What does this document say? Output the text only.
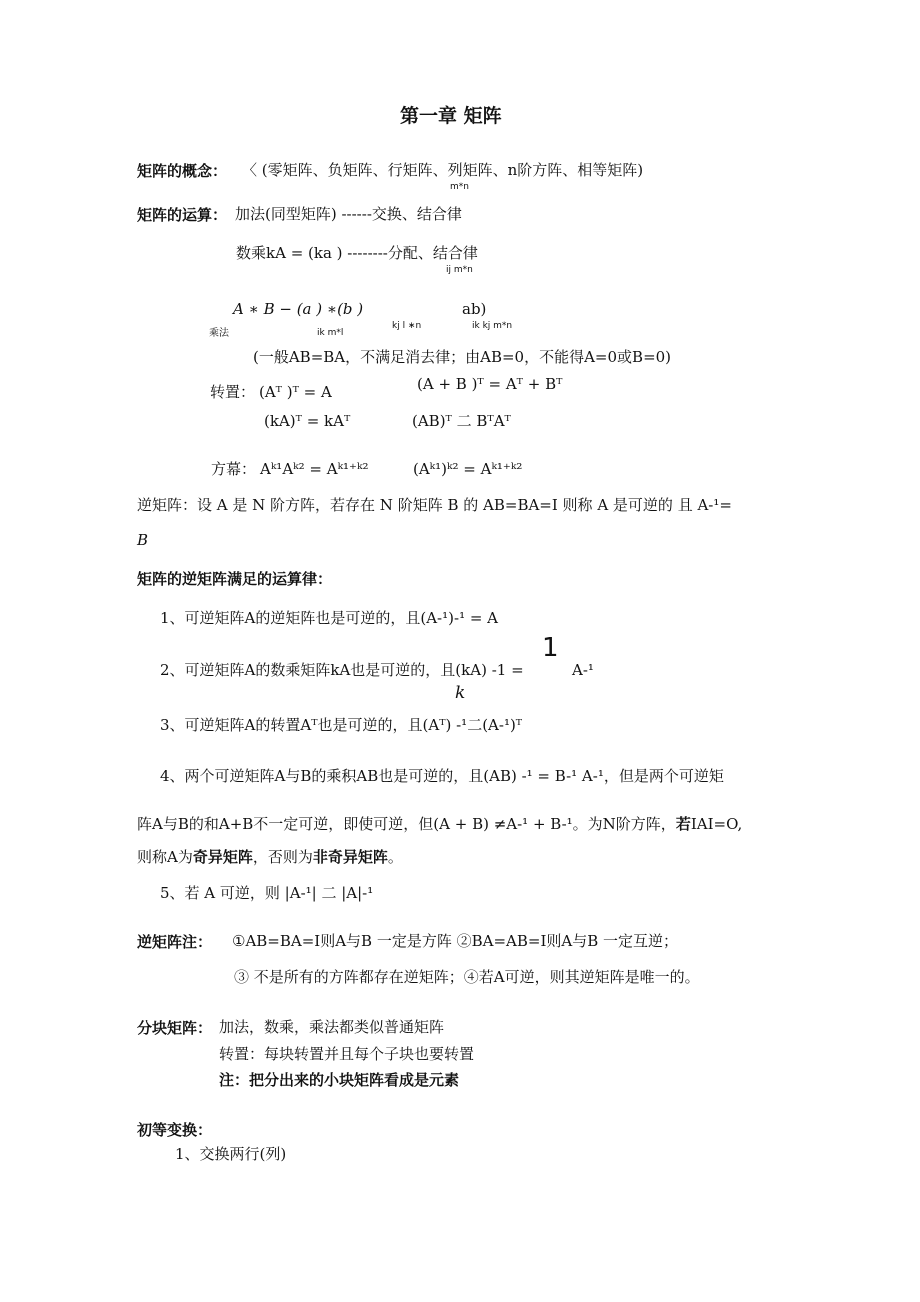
第一章 矩阵
矩阵的概念： 〈 (零矩阵、负矩阵、行矩阵、列矩阵、n阶方阵、相等矩阵)
m*n
矩阵的运算： 加法(同型矩阵) ------交换、结合律
数乘kA = (ka ) --------分配、结合律
ij m*n
A ∗ B − (a ) ∗(b )	ab)
乘法	ik m*l
kj l ∗n	ik kj m*n
(一般AB=BA，不满足消去律；由AB=0，不能得A=0或B=0)
转置： (Aᵀ )ᵀ = A	(A + B )ᵀ = Aᵀ + Bᵀ
(kA)ᵀ = kAᵀ	(AB)ᵀ 二 BᵀAᵀ
方幕： Aᵏ¹Aᵏ² = Aᵏ¹⁺ᵏ²	(Aᵏ¹)ᵏ² = Aᵏ¹⁺ᵏ²
逆矩阵：设 A 是 N 阶方阵，若存在 N 阶矩阵 B 的 AB=BA=I 则称 A 是可逆的 且 A-¹=
B
矩阵的逆矩阵满足的运算律：
1、可逆矩阵A的逆矩阵也是可逆的，且(A-¹)-¹ = A
2、可逆矩阵A的数乘矩阵kA也是可逆的，且(kA) -1 =
1
A-¹
k
3、可逆矩阵A的转置Aᵀ也是可逆的，且(Aᵀ) -¹二(A-¹)ᵀ
4、两个可逆矩阵A与B的乘积AB也是可逆的，且(AB) -¹ = B-¹ A-¹，但是两个可逆矩
阵A与B的和A+B不一定可逆，即使可逆，但(A + B) ≠A-¹ + B-¹。为N阶方阵，若IAI=O,
则称A为奇异矩阵，否则为非奇异矩阵。
5、若 A 可逆，则 |A-¹| 二 |A|-¹
逆矩阵注： ①AB=BA=I则A与B 一定是方阵 ②BA=AB=I则A与B 一定互逆；
③ 不是所有的方阵都存在逆矩阵；④若A可逆，则其逆矩阵是唯一的。
分块矩阵： 加法，数乘，乘法都类似普通矩阵
转置：每块转置并且每个子块也要转置
注：把分出来的小块矩阵看成是元素
初等变换：
1、交换两行(列)
